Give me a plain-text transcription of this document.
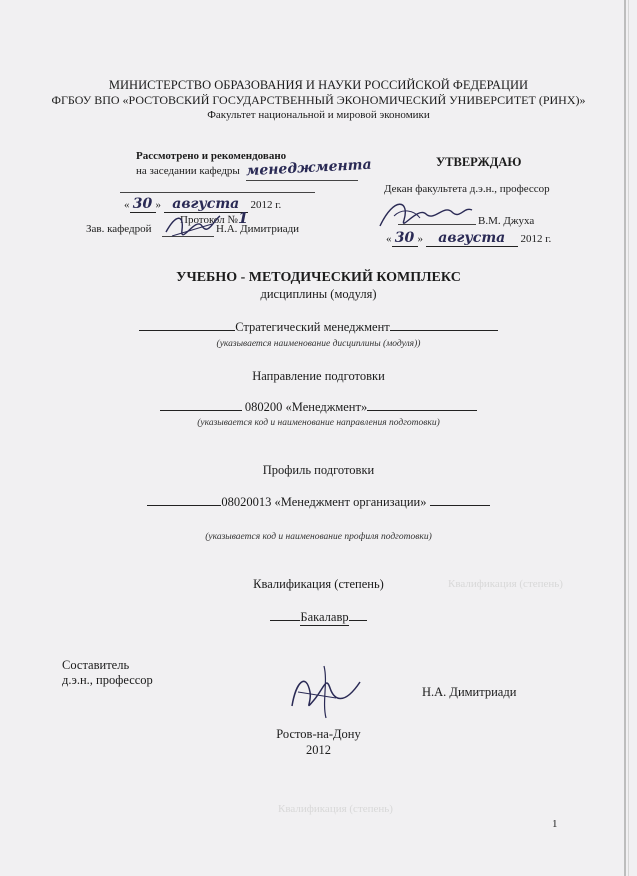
МИНИСТЕРСТВО ОБРАЗОВАНИЯ И НАУКИ РОССИЙСКОЙ ФЕДЕРАЦИИ
ФГБОУ ВПО «РОСТОВСКИЙ ГОСУДАРСТВЕННЫЙ ЭКОНОМИЧЕСКИЙ УНИВЕРСИТЕТ (РИНХ)»
Факультет национальной и мировой экономики
Рассмотрено и рекомендовано
на заседании кафедры менеджмента
« 30 » августа 2012 г.
Протокол №1
Зав. кафедрой	Н.А. Димитриади
УТВЕРЖДАЮ
Декан факультета д.э.н., профессор
В.М. Джуха
« 30 » августа 2012 г.
УЧЕБНО - МЕТОДИЧЕСКИЙ КОМПЛЕКС
дисциплины (модуля)
Стратегический менеджмент
(указывается наименование дисциплины (модуля))
Направление подготовки
080200 «Менеджмент»
(указывается код и наименование направления подготовки)
Профиль подготовки
08020013 «Менеджмент организации»
(указывается код и наименование профиля подготовки)
Квалификация (степень)	Квалификация (степень)
Бакалавр
Составитель
д.э.н., профессор
Н.А. Димитриади
Ростов-на-Дону
2012
Квалификация (степень)
1
